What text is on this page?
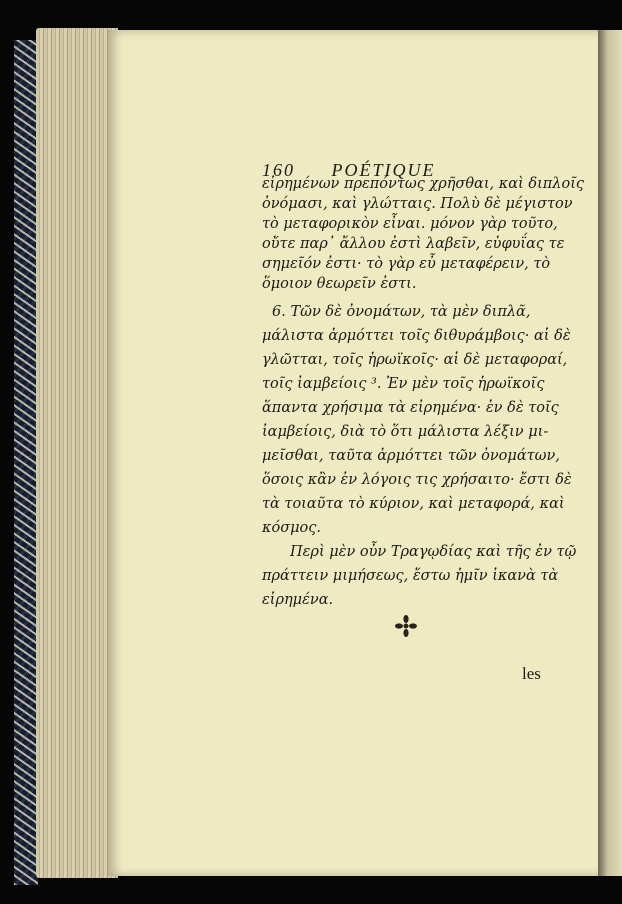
160 POÉTIQUE
εἰρημένων πρεπόντως χρῆσθαι, καὶ διπλοῖς
ὀνόμασι, καὶ γλώτταις. Πολὺ δὲ μέγιστον
τὸ μεταφορικὸν εἶναι. μόνον γὰρ τοῦτο,
οὔτε παρ᾽ ἄλλου ἐστὶ λαβεῖν, εὐφυΐας τε
σημεῖόν ἐστι· τὸ γὰρ εὖ μεταφέρειν, τὸ
ὅμοιον θεωρεῖν ἐστι.
6. Τῶν δὲ ὀνομάτων, τὰ μὲν διπλᾶ,
μάλιστα ἁρμόττει τοῖς διθυράμβοις· αἱ δὲ
γλῶτται, τοῖς ἡρωϊκοῖς· αἱ δὲ μεταφοραί,
τοῖς ἰαμβείοις ³. Ἐν μὲν τοῖς ἡρωϊκοῖς
ἅπαντα χρήσιμα τὰ εἰρημένα· ἐν δὲ τοῖς
ἰαμβείοις, διὰ τὸ ὅτι μάλιστα λέξιν μι-
μεῖσθαι, ταῦτα ἁρμόττει τῶν ὀνομάτων,
ὅσοις κἂν ἐν λόγοις τις χρήσαιτο· ἔστι δὲ
τὰ τοιαῦτα τὸ κύριον, καὶ μεταφορά, καὶ
κόσμος.
Περὶ μὲν οὖν Τραγῳδίας καὶ τῆς ἐν τῷ
πράττειν μιμήσεως, ἔστω ἡμῖν ἱκανὰ τὰ
εἰρημένα.
les
